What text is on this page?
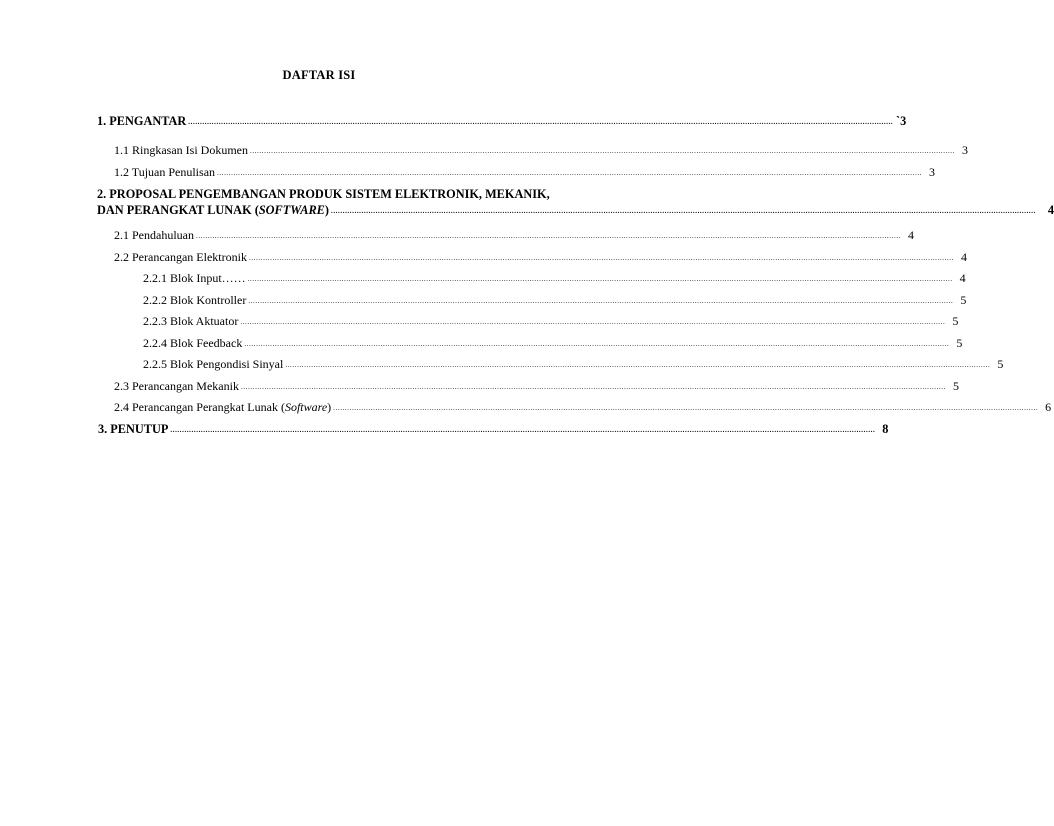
DAFTAR ISI
1. PENGANTAR ............................................................................................................................................................................................................................................................................................................ `3
1.1 Ringkasan Isi Dokumen ............................................................................................................................................................................................................................................................................................................ 3
1.2 Tujuan Penulisan ............................................................................................................................................................................................................................................................................................................ 3
2. PROPOSAL PENGEMBANGAN PRODUK SISTEM ELEKTRONIK, MEKANIK,
DAN PERANGKAT LUNAK (SOFTWARE) ............................................................................................................................................................................................................................................................................................................ 4
2.1 Pendahuluan ............................................................................................................................................................................................................................................................................................................ 4
2.2 Perancangan Elektronik ............................................................................................................................................................................................................................................................................................................ 4
2.2.1 Blok Input…… ............................................................................................................................................................................................................................................................................................................ 4
2.2.2 Blok Kontroller ............................................................................................................................................................................................................................................................................................................ 5
2.2.3 Blok Aktuator ............................................................................................................................................................................................................................................................................................................ 5
2.2.4 Blok Feedback ............................................................................................................................................................................................................................................................................................................ 5
2.2.5 Blok Pengondisi Sinyal ............................................................................................................................................................................................................................................................................................................ 5
2.3 Perancangan Mekanik ............................................................................................................................................................................................................................................................................................................ 5
2.4 Perancangan Perangkat Lunak (Software) ............................................................................................................................................................................................................................................................................................................ 6
3. PENUTUP ............................................................................................................................................................................................................................................................................................................ 8
